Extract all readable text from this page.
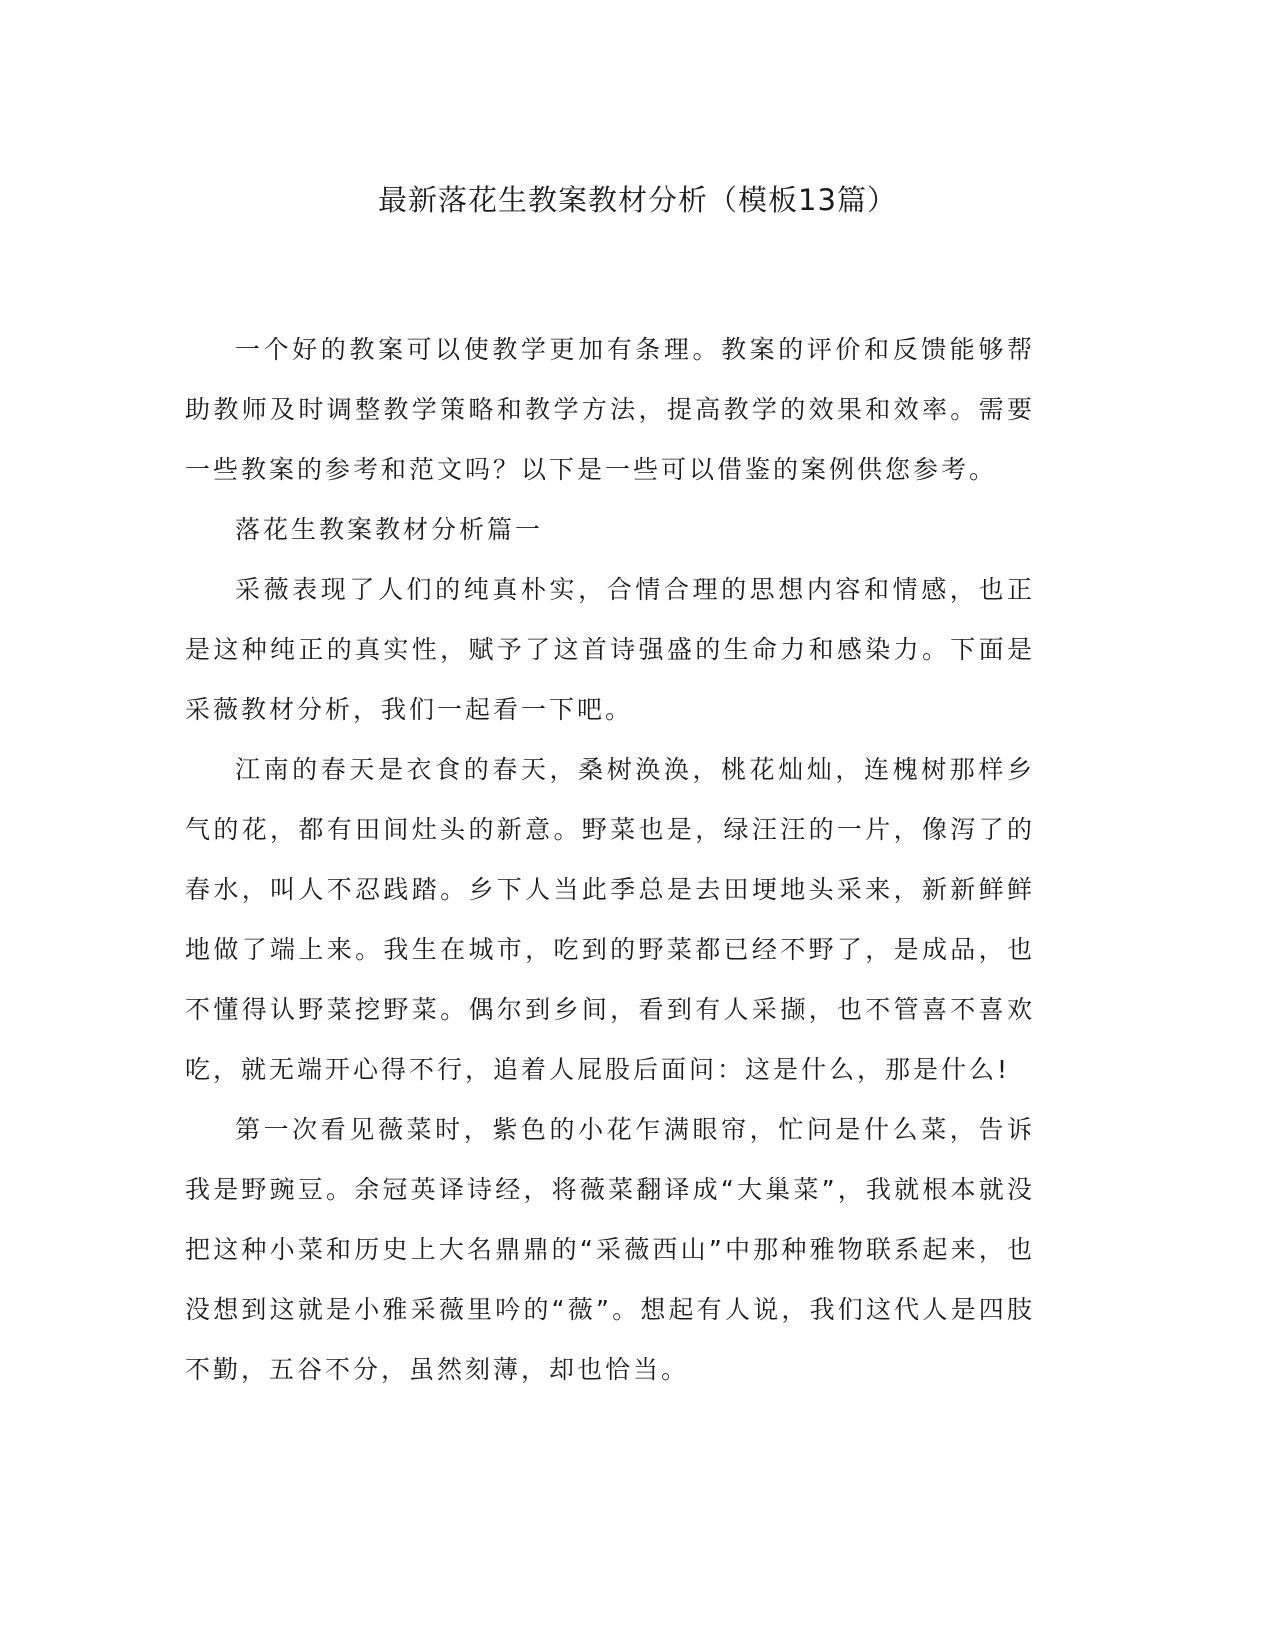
最新落花生教案教材分析（模板13篇）

一个好的教案可以使教学更加有条理。教案的评价和反馈能够帮助教师及时调整教学策略和教学方法，提高教学的效果和效率。需要一些教案的参考和范文吗？以下是一些可以借鉴的案例供您参考。

落花生教案教材分析篇一

采薇表现了人们的纯真朴实，合情合理的思想内容和情感，也正是这种纯正的真实性，赋予了这首诗强盛的生命力和感染力。下面是采薇教材分析，我们一起看一下吧。

江南的春天是衣食的春天，桑树涣涣，桃花灿灿，连槐树那样乡气的花，都有田间灶头的新意。野菜也是，绿汪汪的一片，像泻了的春水，叫人不忍践踏。乡下人当此季总是去田埂地头采来，新新鲜鲜地做了端上来。我生在城市，吃到的野菜都已经不野了，是成品，也不懂得认野菜挖野菜。偶尔到乡间，看到有人采撷，也不管喜不喜欢吃，就无端开心得不行，追着人屁股后面问：这是什么，那是什么!

第一次看见薇菜时，紫色的小花乍满眼帘，忙问是什么菜，告诉我是野豌豆。余冠英译诗经，将薇菜翻译成“大巢菜”，我就根本就没把这种小菜和历史上大名鼎鼎的“采薇西山”中那种雅物联系起来，也没想到这就是小雅采薇里吟的“薇”。想起有人说，我们这代人是四肢不勤，五谷不分，虽然刻薄，却也恰当。
